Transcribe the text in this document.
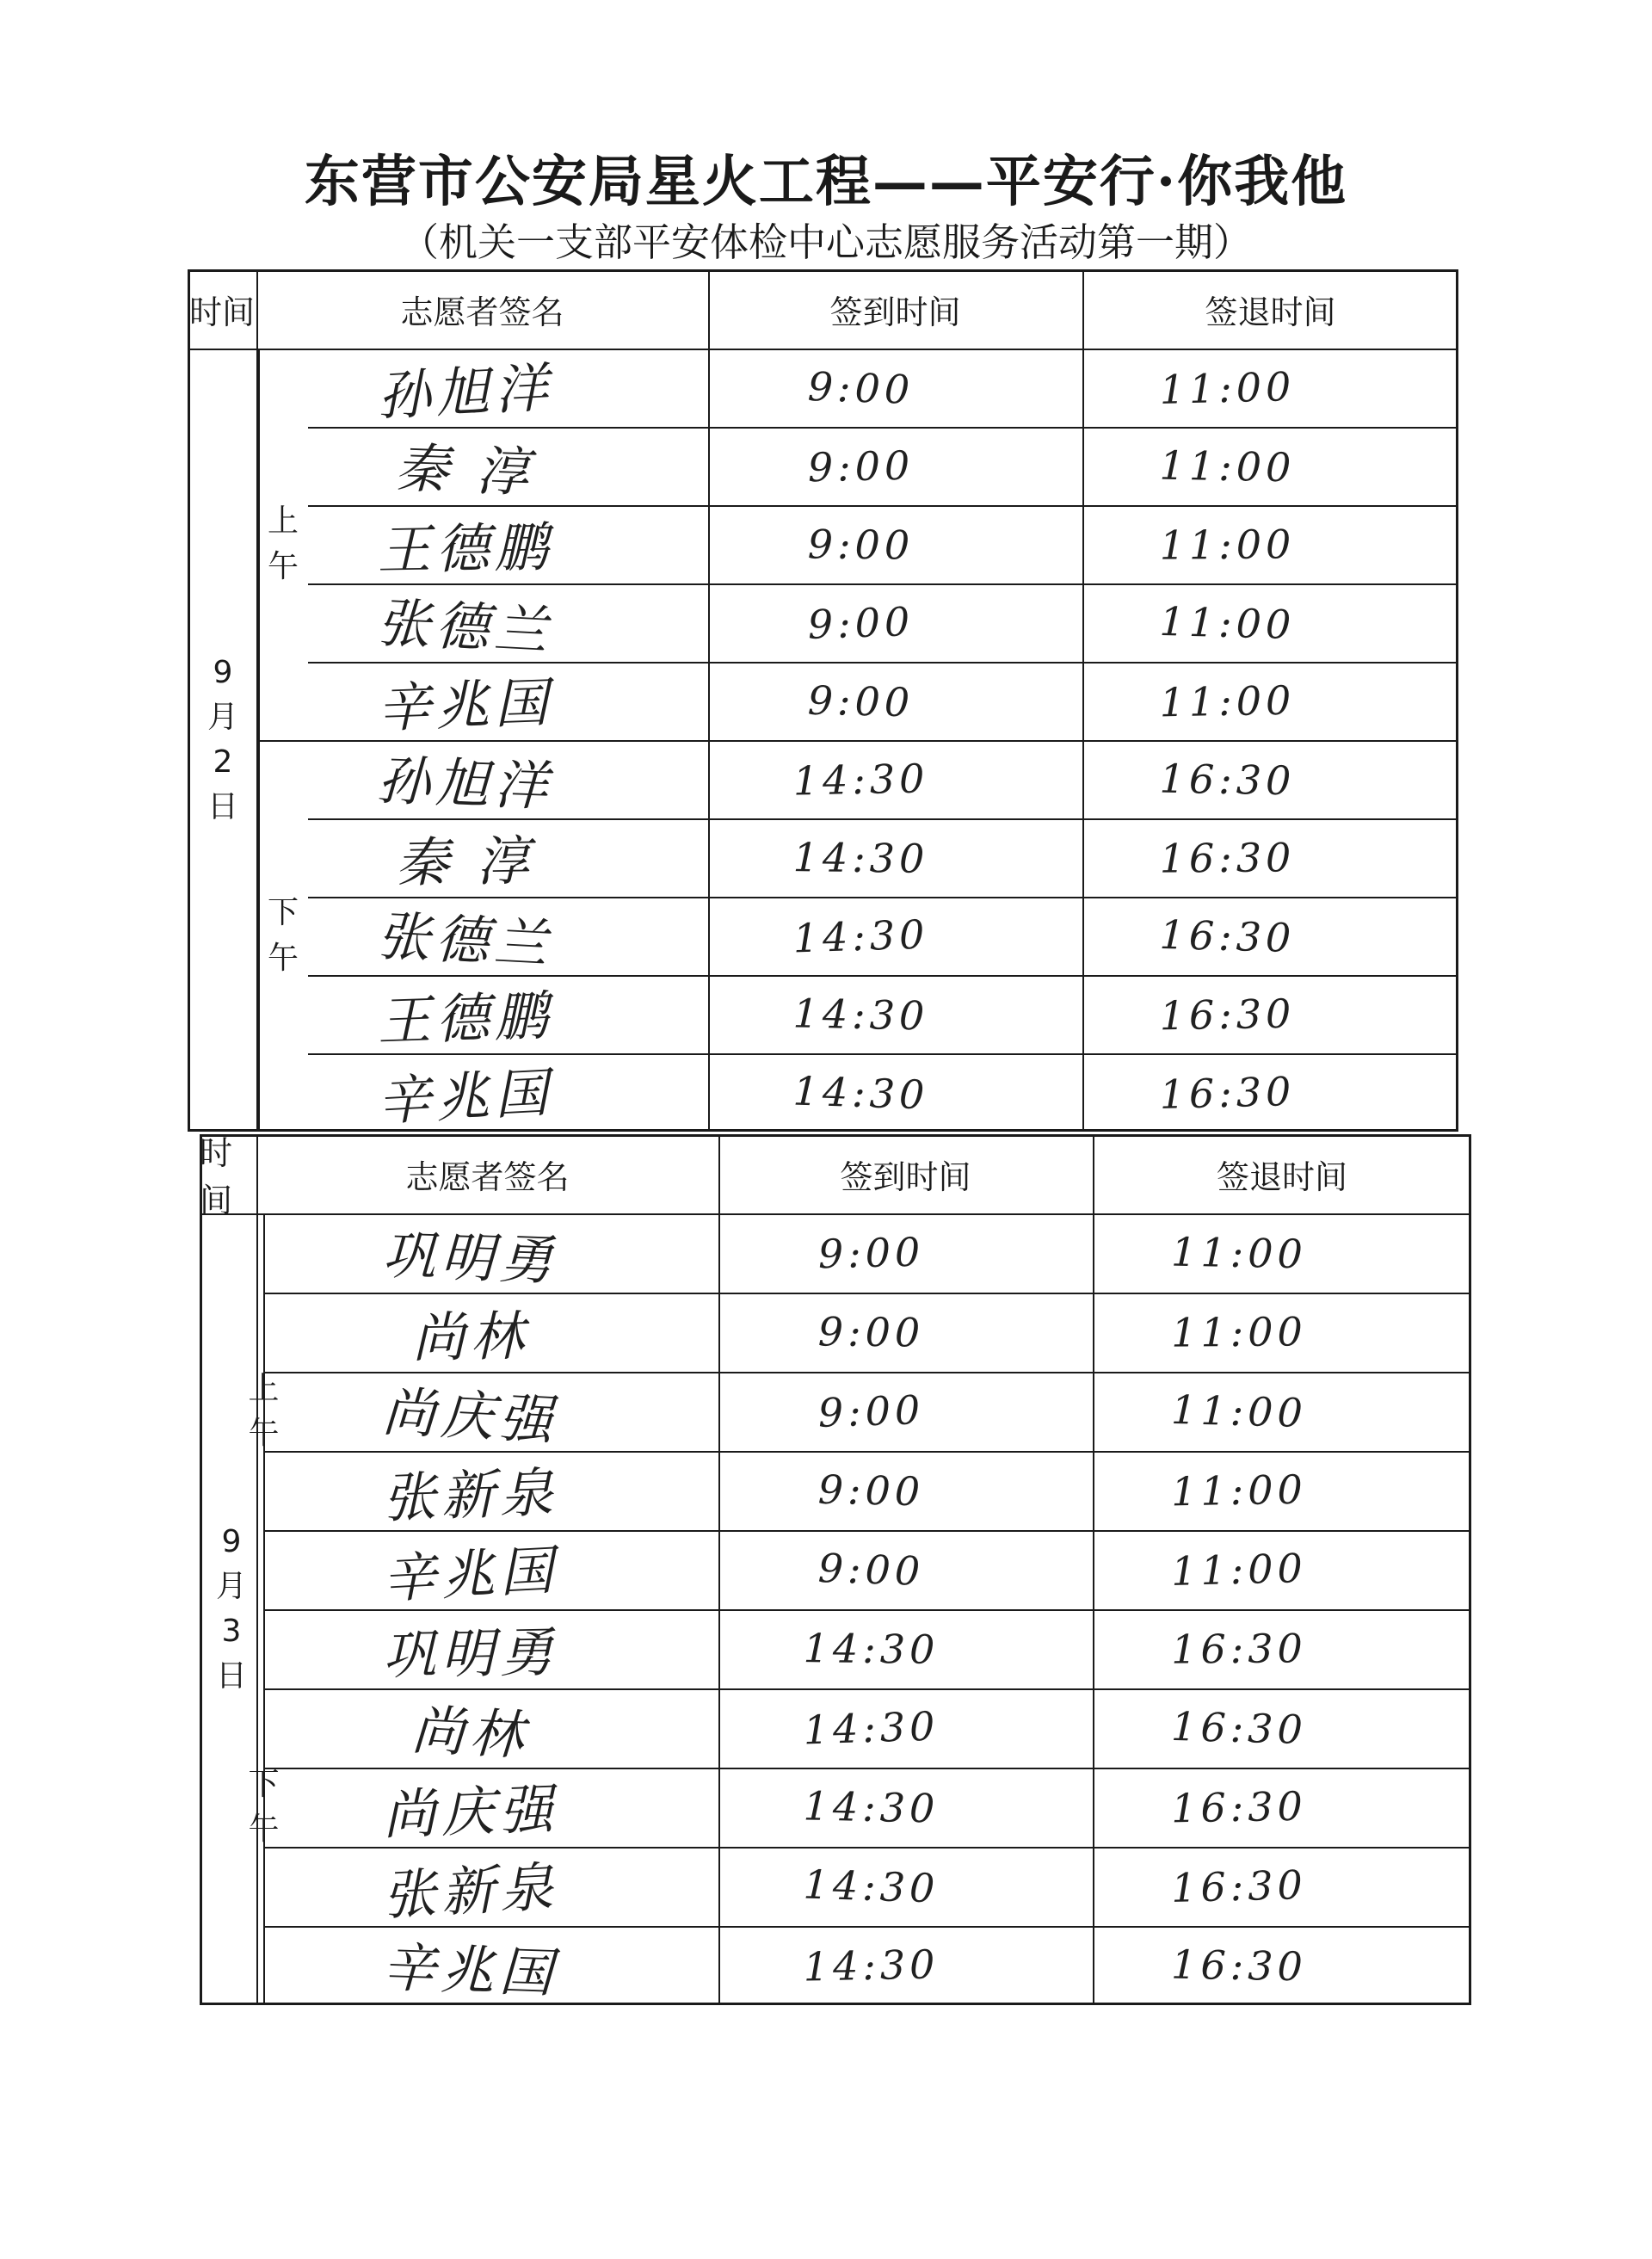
东营市公安局星火工程——平安行·你我他

（机关一支部平安体检中心志愿服务活动第一期）

时间	志愿者签名	签到时间	签退时间
9
月
2
日
上
午
孙旭洋	9:00	11:00
秦 淳	9:00	11:00
王德鹏	9:00	11:00
张德兰	9:00	11:00
辛兆国	9:00	11:00
下
午
孙旭洋	14:30	16:30
秦 淳	14:30	16:30
张德兰	14:30	16:30
王德鹏	14:30	16:30
辛兆国	14:30	16:30
时间
志愿者签名	签到时间	签退时间
9
月
3
日
上
午
巩明勇	9:00	11:00
尚林	9:00	11:00
尚庆强	9:00	11:00
张新泉	9:00	11:00
辛兆国	9:00	11:00
下
午
巩明勇	14:30	16:30
尚林	14:30	16:30
尚庆强	14:30	16:30
张新泉	14:30	16:30
辛兆国	14:30	16:30
